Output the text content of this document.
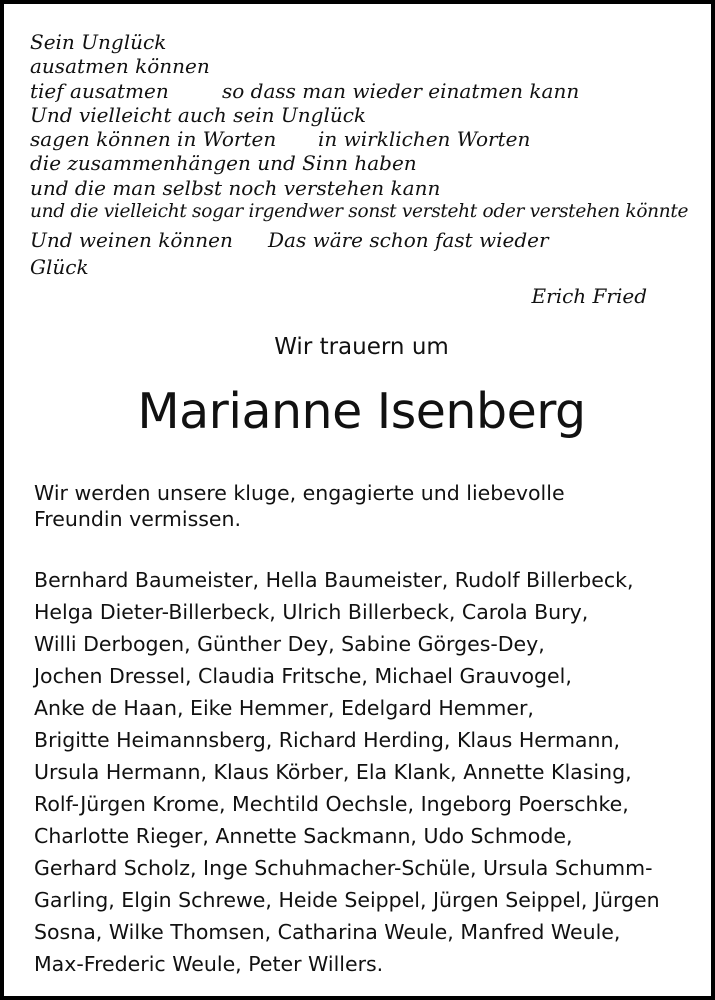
Sein Unglück
ausatmen können
tief ausatmen	so dass man wieder einatmen kann
Und vielleicht auch sein Unglück
sagen können in Worten in wirklichen Worten
die zusammenhängen und Sinn haben
und die man selbst noch verstehen kann
und die vielleicht sogar irgendwer sonst versteht oder verstehen könnte
Und weinen können Das wäre schon fast wieder
Glück
Erich Fried
Wir trauern um
Marianne Isenberg
Wir werden unsere kluge, engagierte und liebevolle
Freundin vermissen.
Bernhard Baumeister, Hella Baumeister, Rudolf Billerbeck,
Helga Dieter-Billerbeck, Ulrich Billerbeck, Carola Bury,
Willi Derbogen, Günther Dey, Sabine Görges-Dey,
Jochen Dressel, Claudia Fritsche, Michael Grauvogel,
Anke de Haan, Eike Hemmer, Edelgard Hemmer,
Brigitte Heimannsberg, Richard Herding, Klaus Hermann,
Ursula Hermann, Klaus Körber, Ela Klank, Annette Klasing,
Rolf-Jürgen Krome, Mechtild Oechsle, Ingeborg Poerschke,
Charlotte Rieger, Annette Sackmann, Udo Schmode,
Gerhard Scholz, Inge Schuhmacher-Schüle, Ursula Schumm-
Garling, Elgin Schrewe, Heide Seippel, Jürgen Seippel, Jürgen
Sosna, Wilke Thomsen, Catharina Weule, Manfred Weule,
Max-Frederic Weule, Peter Willers.
